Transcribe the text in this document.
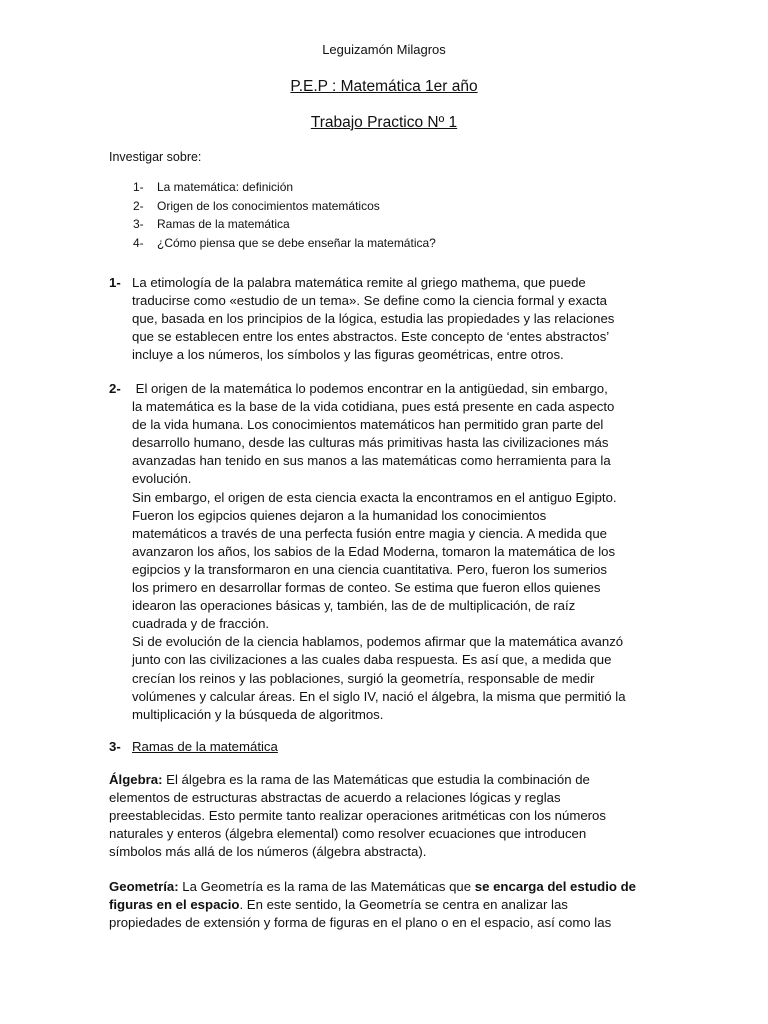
Leguizamón Milagros
P.E.P : Matemática 1er año
Trabajo Practico Nº 1
Investigar sobre:
1- La matemática: definición
2- Origen de los conocimientos matemáticos
3- Ramas de la matemática
4- ¿Cómo piensa que se debe enseñar la matemática?
1- La etimología de la palabra matemática remite al griego mathema, que puede
traducirse como «estudio de un tema». Se define como la ciencia formal y exacta
que, basada en los principios de la lógica, estudia las propiedades y las relaciones
que se establecen entre los entes abstractos. Este concepto de ‘entes abstractos’
incluye a los números, los símbolos y las figuras geométricas, entre otros.
2- El origen de la matemática lo podemos encontrar en la antigüedad, sin embargo,
la matemática es la base de la vida cotidiana, pues está presente en cada aspecto
de la vida humana. Los conocimientos matemáticos han permitido gran parte del
desarrollo humano, desde las culturas más primitivas hasta las civilizaciones más
avanzadas han tenido en sus manos a las matemáticas como herramienta para la
evolución.
Sin embargo, el origen de esta ciencia exacta la encontramos en el antiguo Egipto.
Fueron los egipcios quienes dejaron a la humanidad los conocimientos
matemáticos a través de una perfecta fusión entre magia y ciencia. A medida que
avanzaron los años, los sabios de la Edad Moderna, tomaron la matemática de los
egipcios y la transformaron en una ciencia cuantitativa. Pero, fueron los sumerios
los primero en desarrollar formas de conteo. Se estima que fueron ellos quienes
idearon las operaciones básicas y, también, las de de multiplicación, de raíz
cuadrada y de fracción.
Si de evolución de la ciencia hablamos, podemos afirmar que la matemática avanzó
junto con las civilizaciones a las cuales daba respuesta. Es así que, a medida que
crecían los reinos y las poblaciones, surgió la geometría, responsable de medir
volúmenes y calcular áreas. En el siglo IV, nació el álgebra, la misma que permitió la
multiplicación y la búsqueda de algoritmos.
3- Ramas de la matemática
Álgebra: El álgebra es la rama de las Matemáticas que estudia la combinación de
elementos de estructuras abstractas de acuerdo a relaciones lógicas y reglas
preestablecidas. Esto permite tanto realizar operaciones aritméticas con los números
naturales y enteros (álgebra elemental) como resolver ecuaciones que introducen
símbolos más allá de los números (álgebra abstracta).
Geometría: La Geometría es la rama de las Matemáticas que se encarga del estudio de
figuras en el espacio. En este sentido, la Geometría se centra en analizar las
propiedades de extensión y forma de figuras en el plano o en el espacio, así como las
